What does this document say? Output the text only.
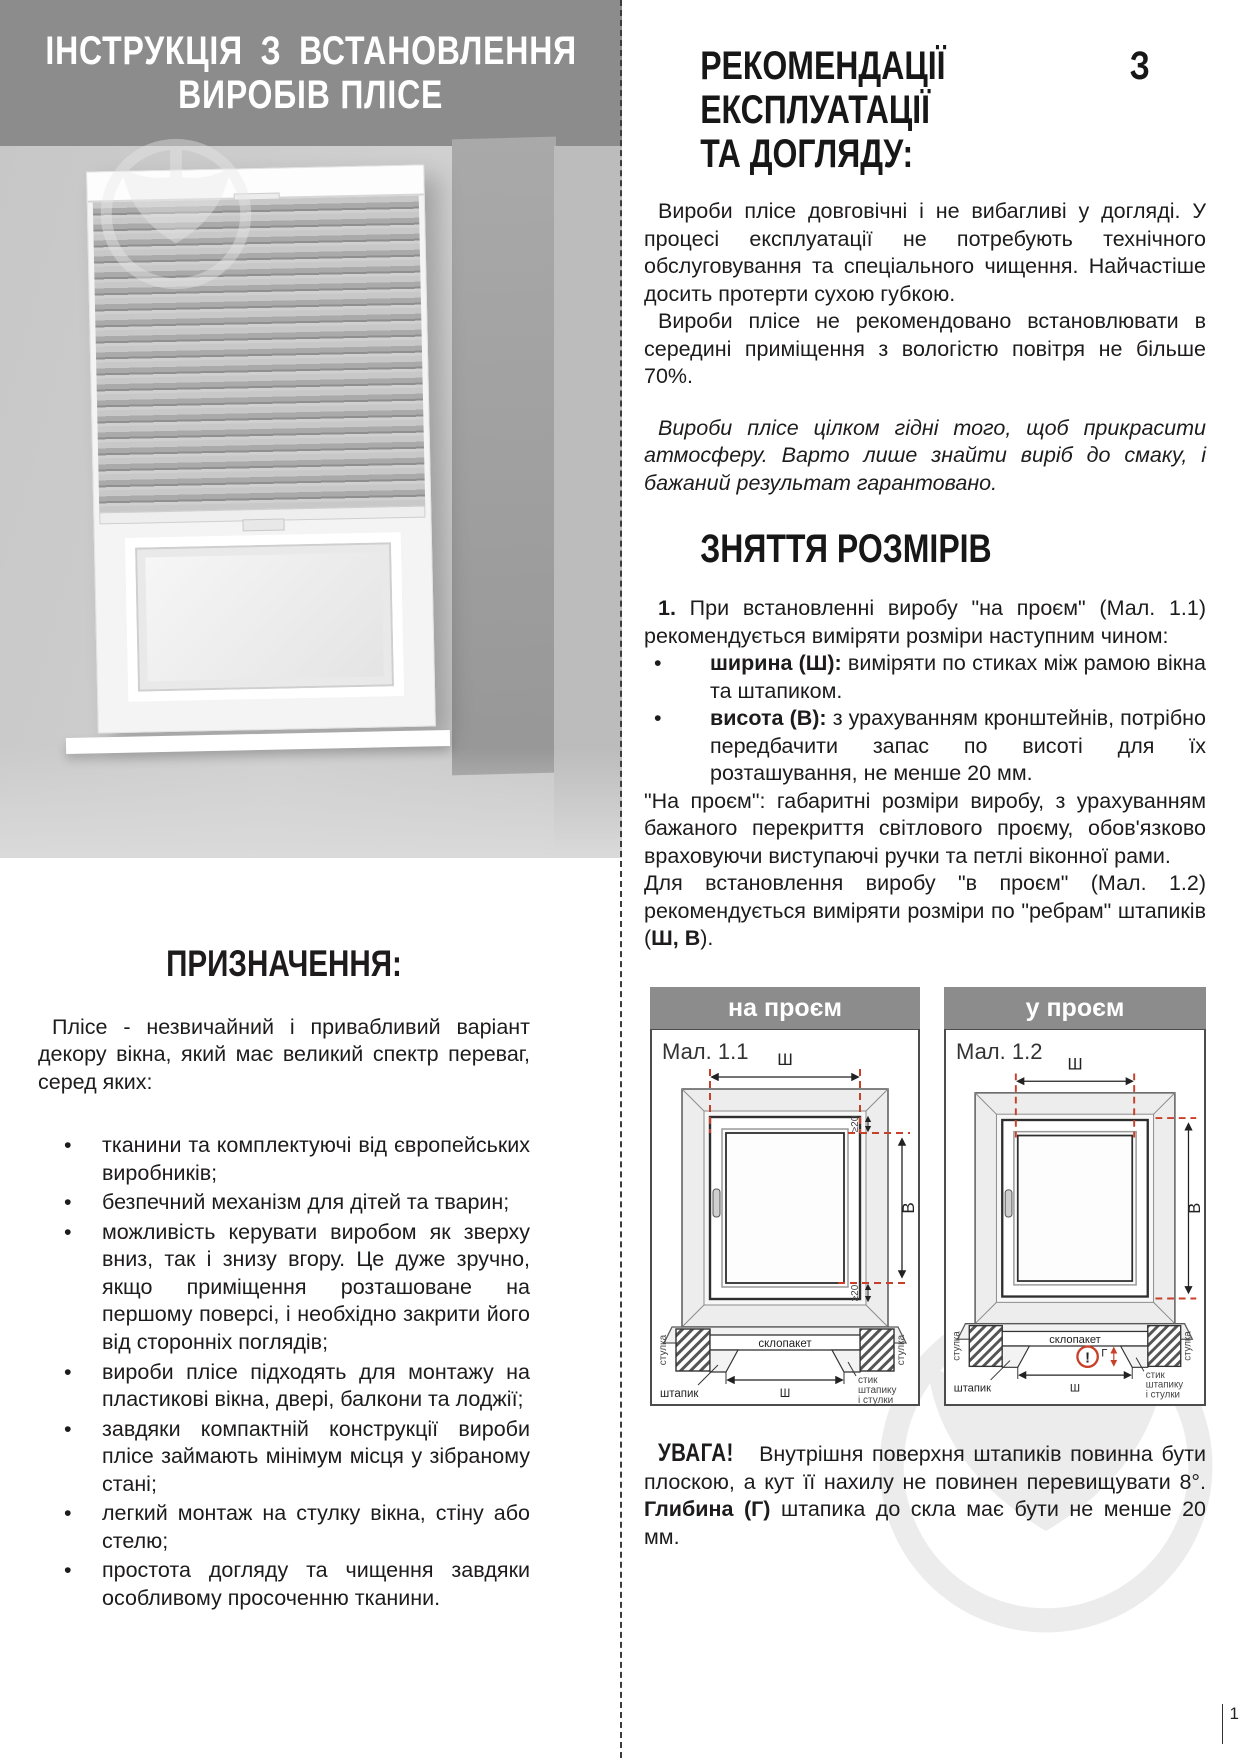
ІНСТРУКЦІЯ З ВСТАНОВЛЕННЯ
ВИРОБІВ ПЛІСЕ
ПРИЗНАЧЕННЯ:

Плісе - незвичайний і привабливий варіант декору вікна, який має великий спектр переваг, серед яких:

• тканини та комплектуючі від європейських виробників;
• безпечний механізм для дітей та тварин;
• можливість керувати виробом як зверху вниз, так і знизу вгору. Це дуже зручно, якщо приміщення розташоване на першому поверсі, і необхідно закрити його від сторонніх поглядів;
• вироби плісе підходять для монтажу на пластикові вікна, двері, балкони та лоджії;
• завдяки компактній конструкції вироби плісе займають мінімум місця у зібраному стані;
• легкий монтаж на стулку вікна, стіну або стелю;
• простота догляду та чищення завдяки особливому просоченню тканини.
1
РЕКОМЕНДАЦІЇ З ЕКСПЛУАТАЦІЇ
ТА ДОГЛЯДУ:

Вироби плісе довговічні і не вибагливі у догляді. У процесі експлуатації не потребують технічного обслуговування та спеціального чищення. Найчастіше досить протерти сухою губкою.

Вироби плісе не рекомендовано встановлювати в середині приміщення з вологістю повітря не більше 70%.

Вироби плісе цілком гідні того, щоб прикрасити атмосферу. Варто лише знайти виріб до смаку, і бажаний результат гарантовано.

ЗНЯТТЯ РОЗМІРІВ

1. При встановленні виробу "на проєм" (Мал. 1.1) рекомендується виміряти розміри наступним чином:

• ширина (Ш): виміряти по стиках між рамою вікна та штапиком.
• висота (В): з урахуванням кронштейнів, потрібно передбачити запас по висоті для їх розташування, не менше 20 мм.

"На проєм": габаритні розміри виробу, з урахуванням бажаного перекриття світлового проєму, обов'язково враховуючи виступаючі ручки та петлі віконної рами.

Для встановлення виробу "в проєм" (Мал. 1.2) рекомендується виміряти розміри по "ребрам" штапиків (Ш, В).

на проєм
Мал. 1.1 Ш
В
≥20
≥20
склопакет
Ш
стулка	стулка
штапик
стик
штапику
і стулки
у проєм
Мал. 1.2
Ш
В
склопакет
Ш
стулка	стулка
штапик
стик
штапику
і стулки
! Г

УВАГА! Внутрішня поверхня штапиків повинна бути плоскою, а кут її нахилу не повинен перевищувати 8°. Глибина (Г) штапика до скла має бути не менше 20 мм.
